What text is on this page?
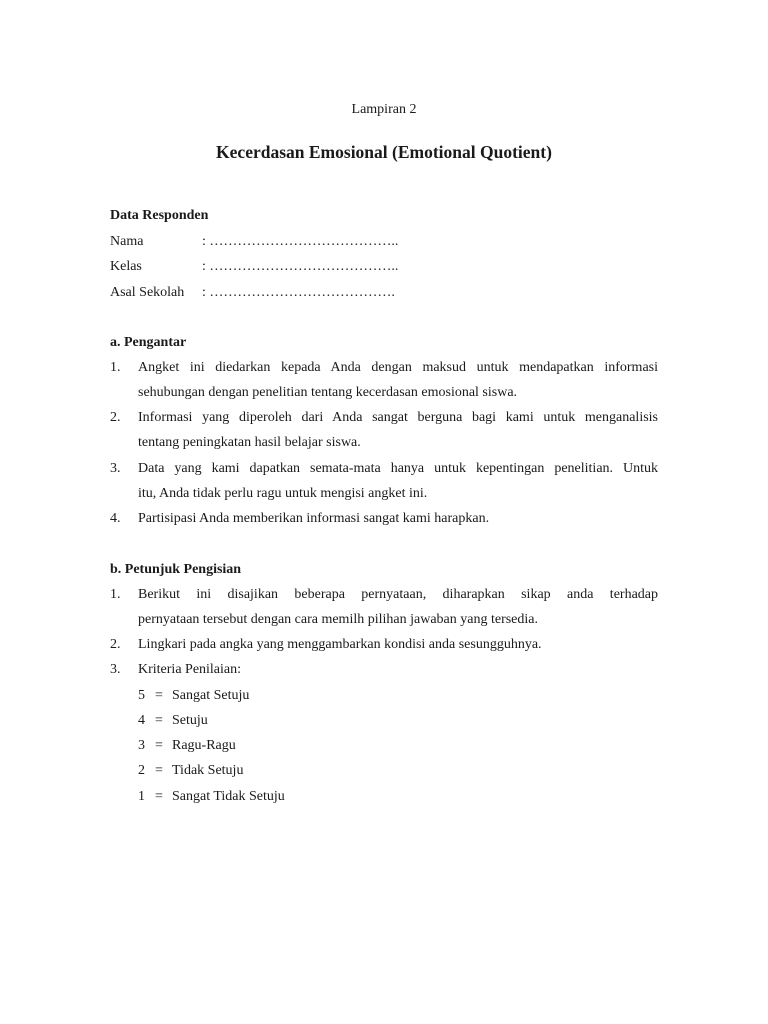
Lampiran 2
Kecerdasan Emosional (Emotional Quotient)
Data Responden
Nama	: …………………………………..
Kelas	: …………………………………..
Asal Sekolah : ………………………………….
a. Pengantar
1. Angket ini diedarkan kepada Anda dengan maksud untuk mendapatkan informasi
sehubungan dengan penelitian tentang kecerdasan emosional siswa.
2. Informasi yang diperoleh dari Anda sangat berguna bagi kami untuk menganalisis
tentang peningkatan hasil belajar siswa.
3. Data yang kami dapatkan semata-mata hanya untuk kepentingan penelitian. Untuk
itu, Anda tidak perlu ragu untuk mengisi angket ini.
4. Partisipasi Anda memberikan informasi sangat kami harapkan.
b. Petunjuk Pengisian
1. Berikut ini disajikan beberapa pernyataan, diharapkan sikap anda terhadap
pernyataan tersebut dengan cara memilh pilihan jawaban yang tersedia.
2. Lingkari pada angka yang menggambarkan kondisi anda sesungguhnya.
3. Kriteria Penilaian:
5 = Sangat Setuju
4 = Setuju
3 = Ragu-Ragu
2 = Tidak Setuju
1 = Sangat Tidak Setuju
